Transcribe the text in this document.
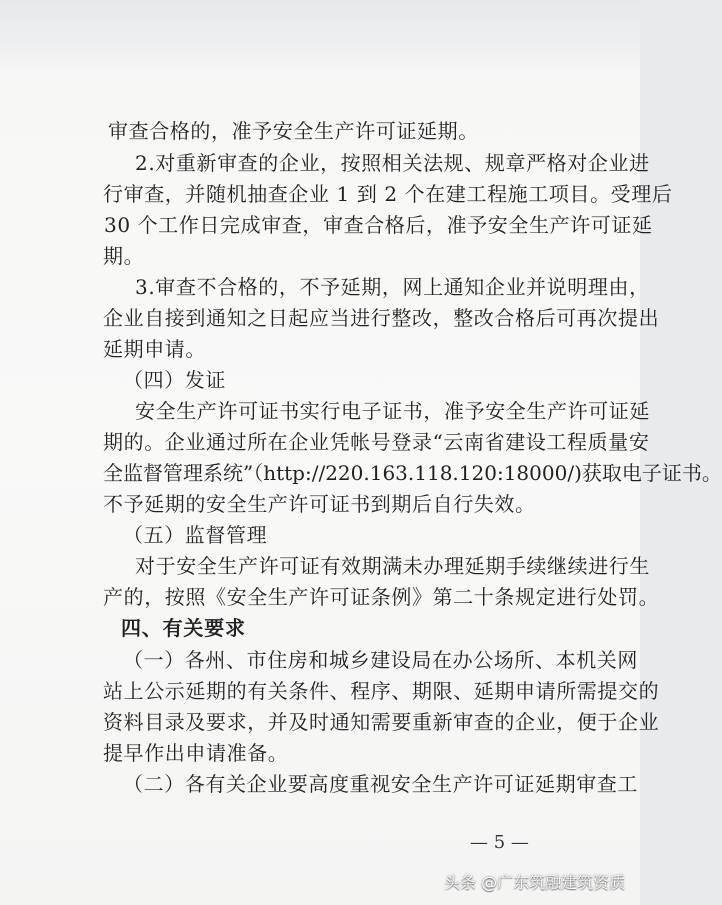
审查合格的，准予安全生产许可证延期。
2.对重新审查的企业，按照相关法规、规章严格对企业进
行审查，并随机抽查企业 1 到 2 个在建工程施工项目。受理后
30 个工作日完成审查，审查合格后，准予安全生产许可证延
期。
3.审查不合格的，不予延期，网上通知企业并说明理由，
企业自接到通知之日起应当进行整改，整改合格后可再次提出
延期申请。
（四）发证
安全生产许可证书实行电子证书，准予安全生产许可证延
期的。企业通过所在企业凭帐号登录“云南省建设工程质量安
全监督管理系统”（http://220.163.118.120:18000/)获取电子证书。
不予延期的安全生产许可证书到期后自行失效。
（五）监督管理
对于安全生产许可证有效期满未办理延期手续继续进行生
产的，按照《安全生产许可证条例》第二十条规定进行处罚。
四、有关要求
（一）各州、市住房和城乡建设局在办公场所、本机关网
站上公示延期的有关条件、程序、期限、延期申请所需提交的
资料目录及要求，并及时通知需要重新审查的企业，便于企业
提早作出申请准备。
（二）各有关企业要高度重视安全生产许可证延期审查工
— 5 —
头条 @广东筑融建筑资质
